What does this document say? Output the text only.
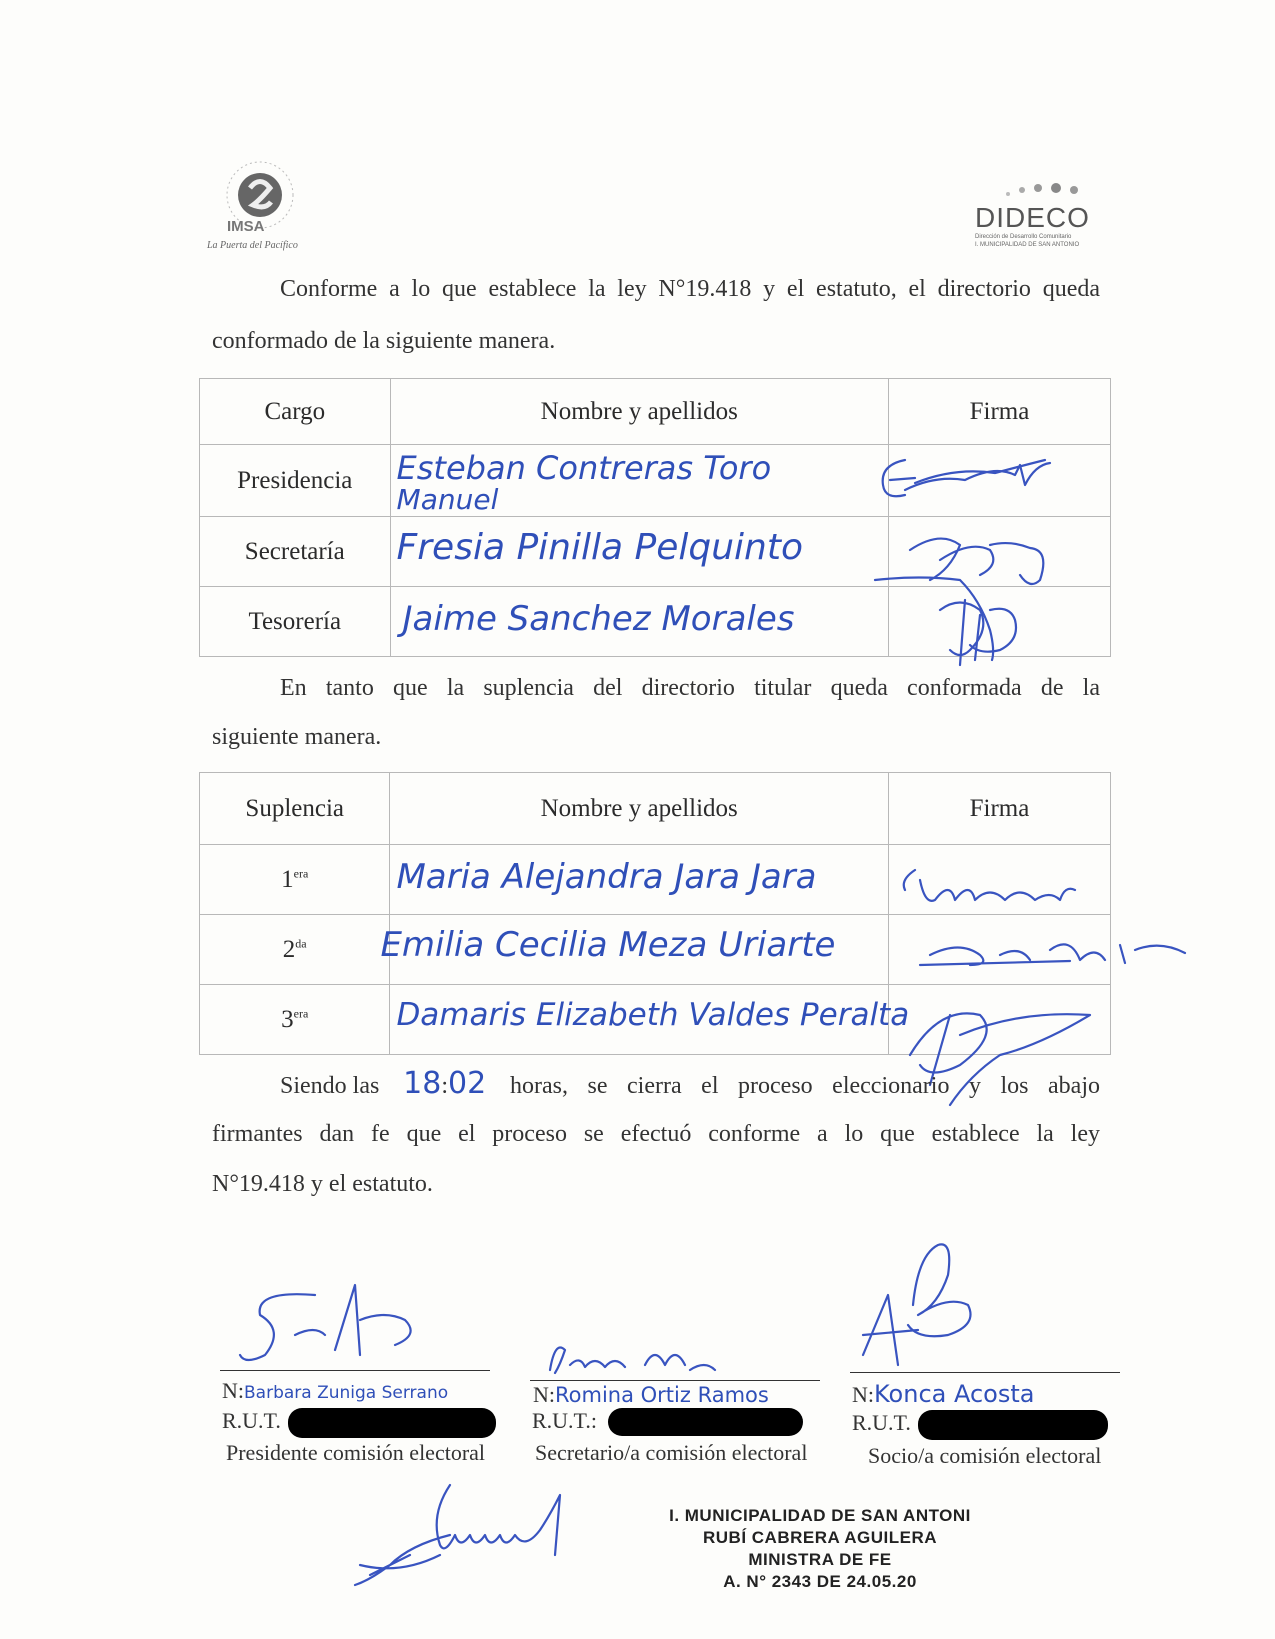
IMSA
La Puerta del Pacífico
DIDECO
Dirección de Desarrollo Comunitario
I. MUNICIPALIDAD DE SAN ANTONIO
Conforme a lo que establece la ley N°19.418 y el estatuto, el directorio queda
conformado de la siguiente manera.
Cargo	Nombre y apellidos	Firma
Presidencia	Esteban Contreras Toro
Manuel	

Secretaría	Fresia Pinilla Pelquinto	

Tesorería	Jaime Sanchez Morales	

En tanto que la suplencia del directorio titular queda conformada de la
siguiente manera.
Suplencia	Nombre y apellidos	Firma
$1^{era}$	Maria Alejandra Jara Jara	

$2^{da}$	Emilia Cecilia Meza Uriarte	

$3^{era}$	Damaris Elizabeth Valdes Peralta	

Siendo las 18:02 horas, se cierra el proceso eleccionario y los abajo
firmantes dan fe que el proceso se efectuó conforme a lo que establece la ley
N°19.418 y el estatuto.
N:Barbara Zuniga Serrano
R.U.T.
Presidente comisión electoral
N:Romina Ortiz Ramos
R.U.T.:
Secretario/a comisión electoral
N:Konca Acosta
R.U.T.
Socio/a comisión electoral
I. MUNICIPALIDAD DE SAN ANTONI
RUBÍ CABRERA AGUILERA
MINISTRA DE FE
A. N° 2343 DE 24.05.20
